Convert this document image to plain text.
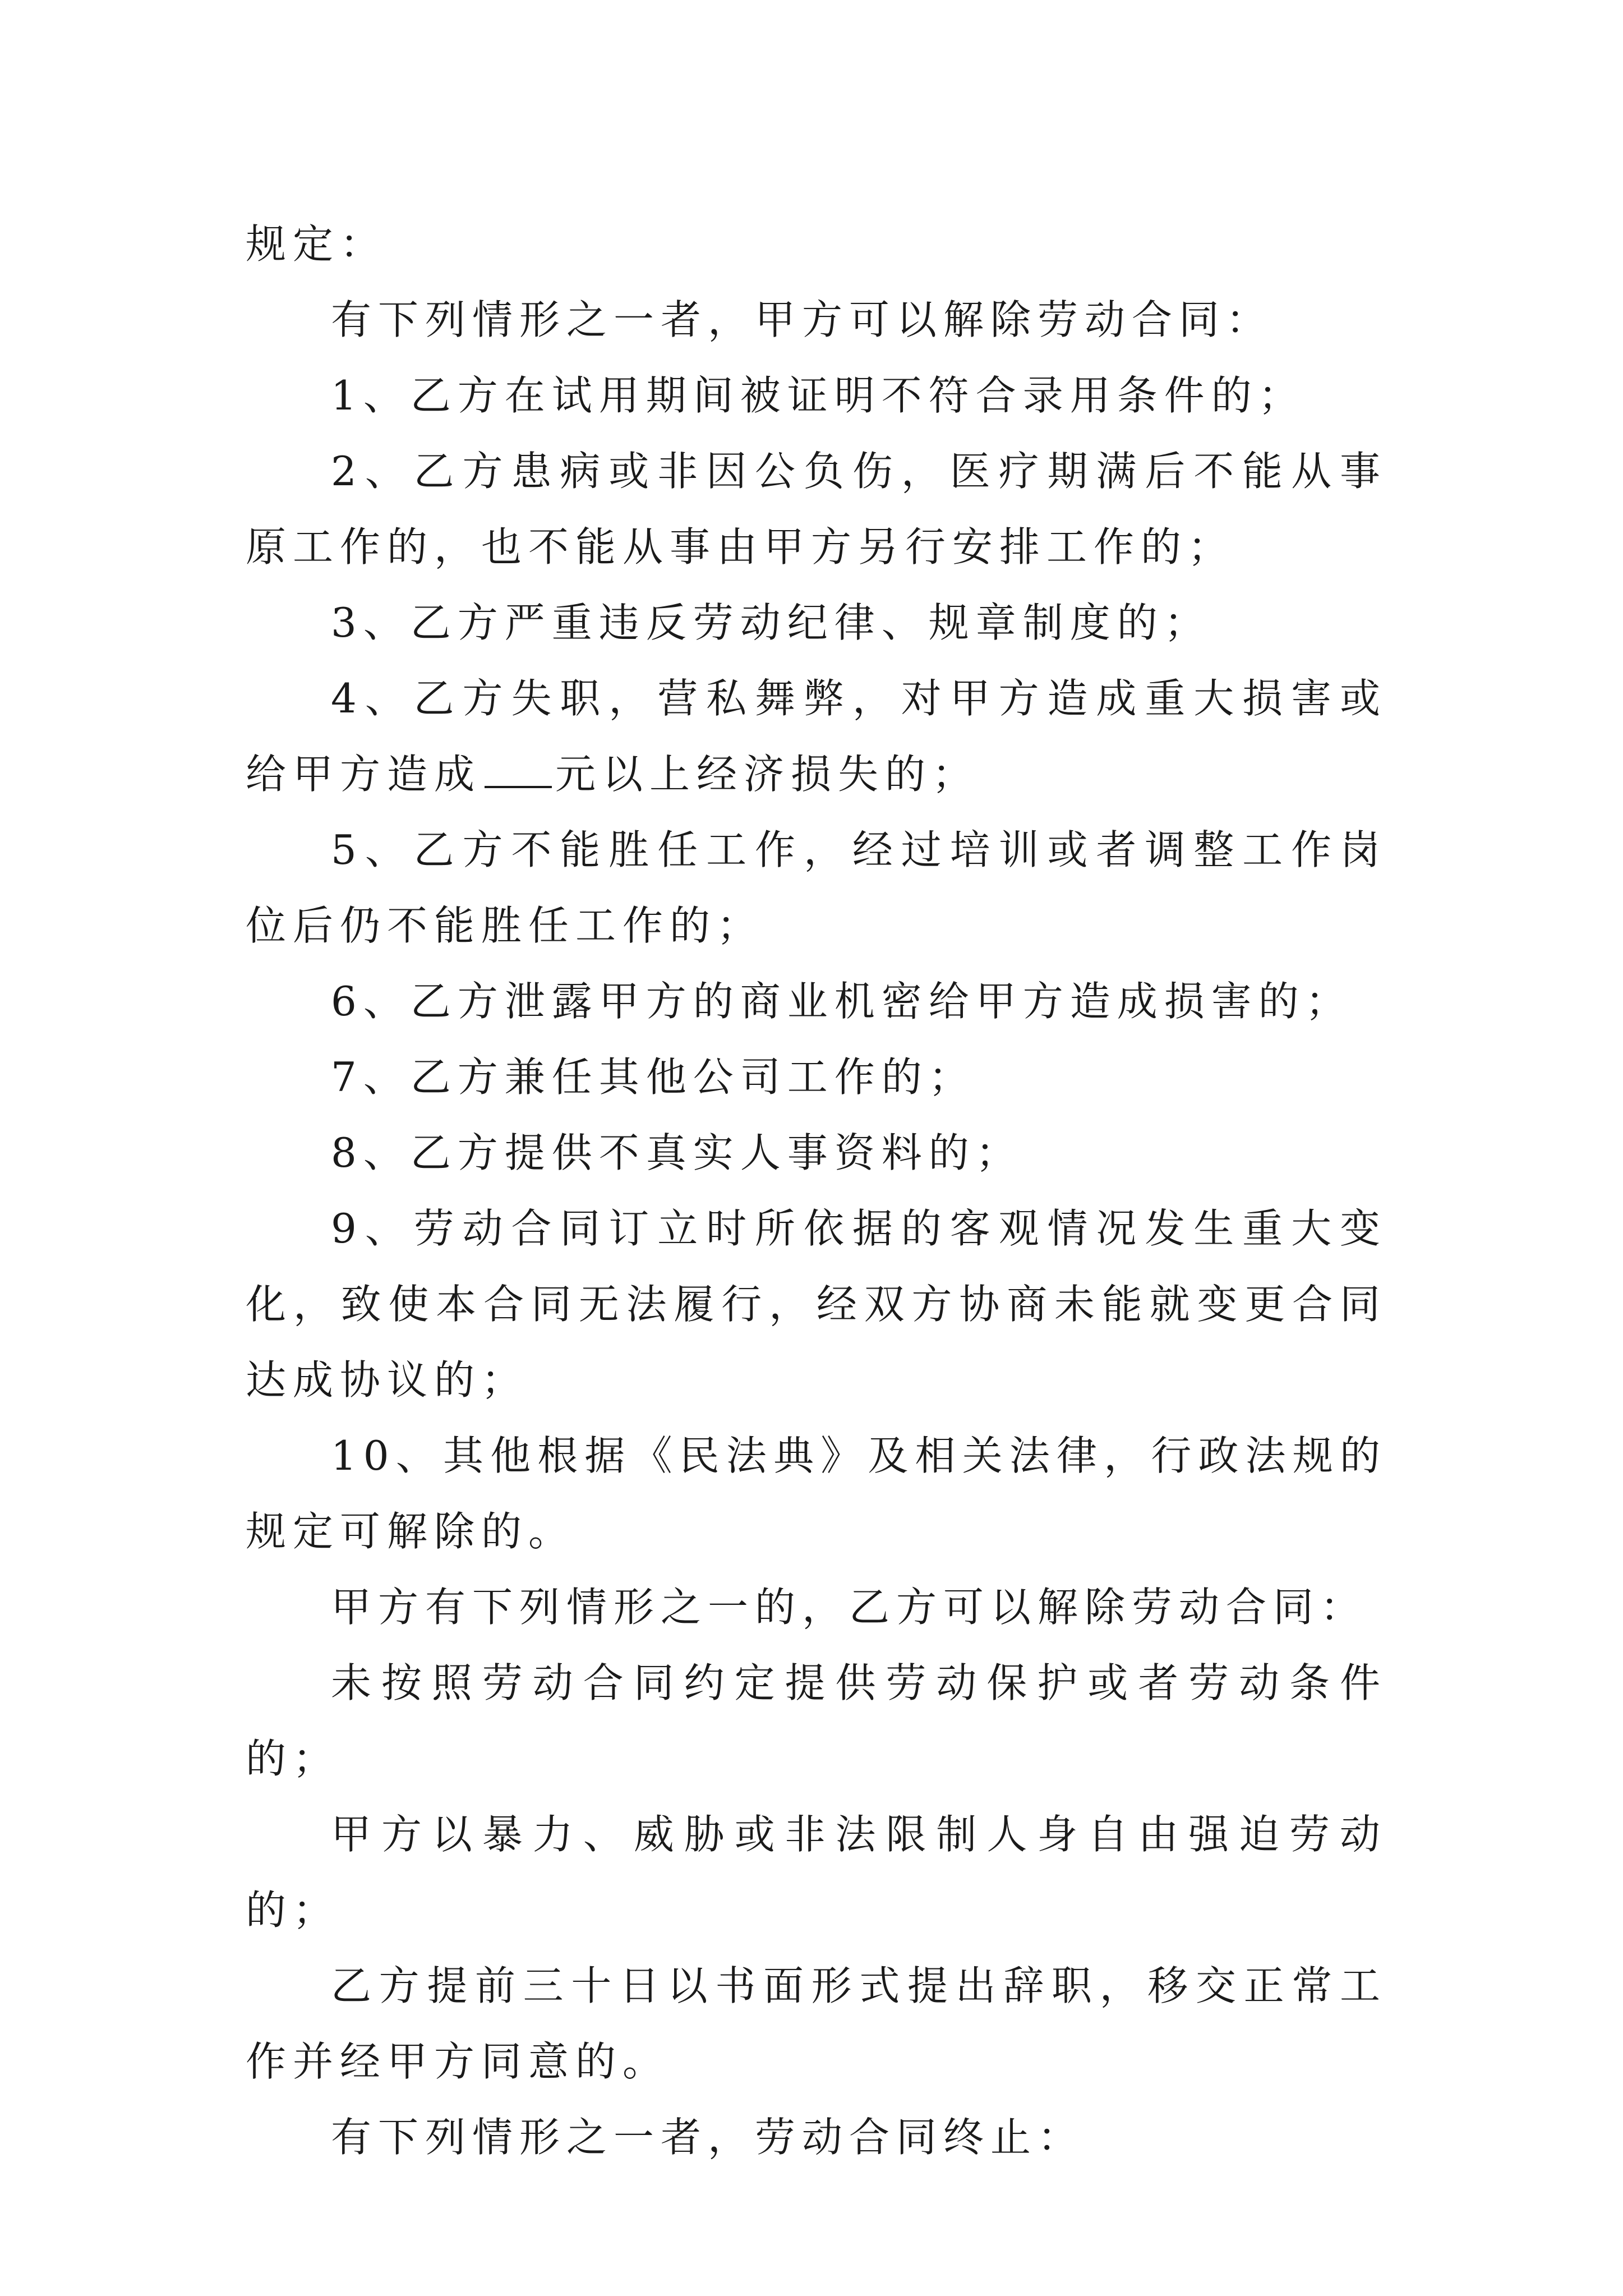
规定：

有下列情形之一者，甲方可以解除劳动合同：

1、乙方在试用期间被证明不符合录用条件的；

2、乙方患病或非因公负伤，医疗期满后不能从事原工作的，也不能从事由甲方另行安排工作的；

3、乙方严重违反劳动纪律、规章制度的；

4、乙方失职，营私舞弊，对甲方造成重大损害或给甲方造成 元以上经济损失的；

5、乙方不能胜任工作，经过培训或者调整工作岗位后仍不能胜任工作的；

6、乙方泄露甲方的商业机密给甲方造成损害的；

7、乙方兼任其他公司工作的；

8、乙方提供不真实人事资料的；

9、劳动合同订立时所依据的客观情况发生重大变化，致使本合同无法履行，经双方协商未能就变更合同达成协议的；

10、其他根据《民法典》及相关法律，行政法规的规定可解除的。

甲方有下列情形之一的，乙方可以解除劳动合同：

未按照劳动合同约定提供劳动保护或者劳动条件的；

甲方以暴力、威胁或非法限制人身自由强迫劳动的；

乙方提前三十日以书面形式提出辞职，移交正常工作并经甲方同意的。

有下列情形之一者，劳动合同终止：
